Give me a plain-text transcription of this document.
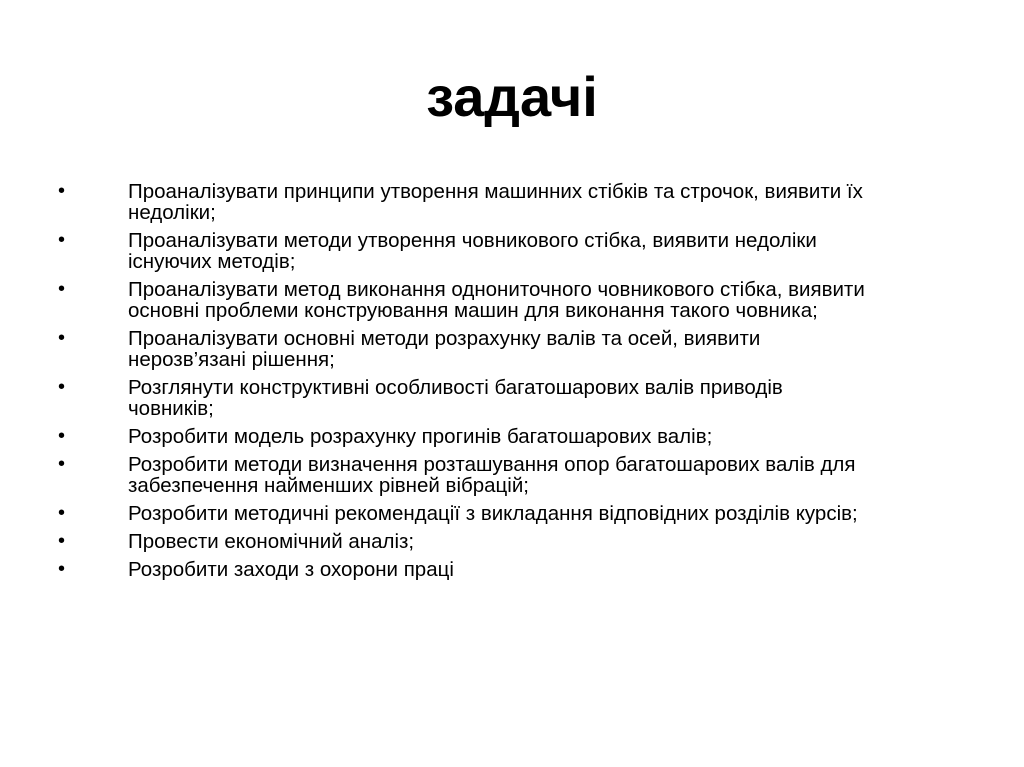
задачі
•	Проаналізувати принципи утворення машинних стібків та строчок, виявити їх
недоліки;
•	Проаналізувати методи утворення човникового стібка, виявити недоліки
існуючих методів;
•	Проаналізувати метод виконання однониточного човникового стібка, виявити
основні проблеми конструювання машин для виконання такого човника;
•	Проаналізувати основні методи розрахунку валів та осей, виявити
нерозв’язані рішення;
•	Розглянути конструктивні особливості багатошарових валів приводів
човників;
•	Розробити модель розрахунку прогинів багатошарових валів;
•	Розробити методи визначення розташування опор багатошарових валів для
забезпечення найменших рівней вібрацій;
•	Розробити методичні рекомендації з викладання відповідних розділів курсів;
•	Провести економічний аналіз;
•	Розробити заходи з охорони праці
